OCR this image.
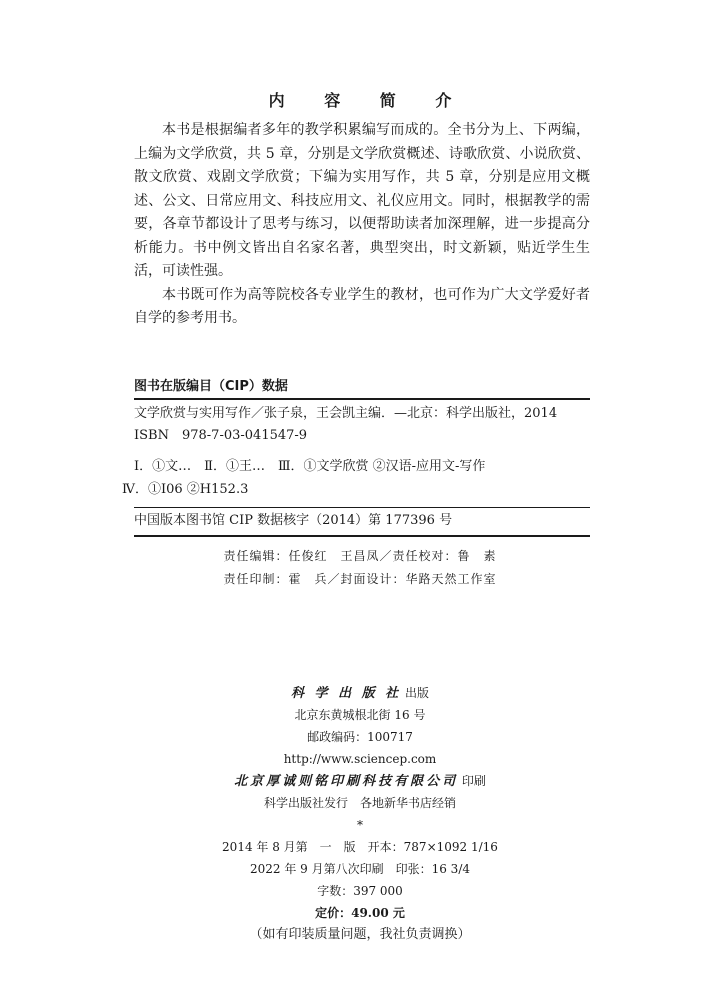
内 容 简 介

本书是根据编者多年的教学积累编写而成的。全书分为上、下两编，上编为文学欣赏，共 5 章，分别是文学欣赏概述、诗歌欣赏、小说欣赏、散文欣赏、戏剧文学欣赏；下编为实用写作，共 5 章，分别是应用文概述、公文、日常应用文、科技应用文、礼仪应用文。同时，根据教学的需要，各章节都设计了思考与练习，以便帮助读者加深理解，进一步提高分析能力。书中例文皆出自名家名著，典型突出，时文新颖，贴近学生生活，可读性强。

本书既可作为高等院校各专业学生的教材，也可作为广大文学爱好者自学的参考用书。

图书在版编目（CIP）数据
文学欣赏与实用写作／张子泉，王会凯主编．—北京：科学出版社，2014
ISBN　978-7-03-041547-9
Ⅰ．①文…　Ⅱ．①王…　Ⅲ．①文学欣赏 ②汉语-应用文-写作
Ⅳ．①I06 ②H152.3
中国版本图书馆 CIP 数据核字（2014）第 177396 号
责任编辑：任俊红　王昌凤／责任校对：鲁　素
责任印制：霍　兵／封面设计：华路天然工作室
科 学 出 版 社 出版
北京东黄城根北街 16 号
邮政编码：100717
http://www.sciencep.com
北京厚诚则铭印刷科技有限公司 印刷
科学出版社发行　各地新华书店经销
*
2014 年 8 月第　一　版　开本：787×1092 1/16
2022 年 9 月第八次印刷　印张：16 3/4
字数：397 000
定价：49.00 元
（如有印装质量问题，我社负责调换）
